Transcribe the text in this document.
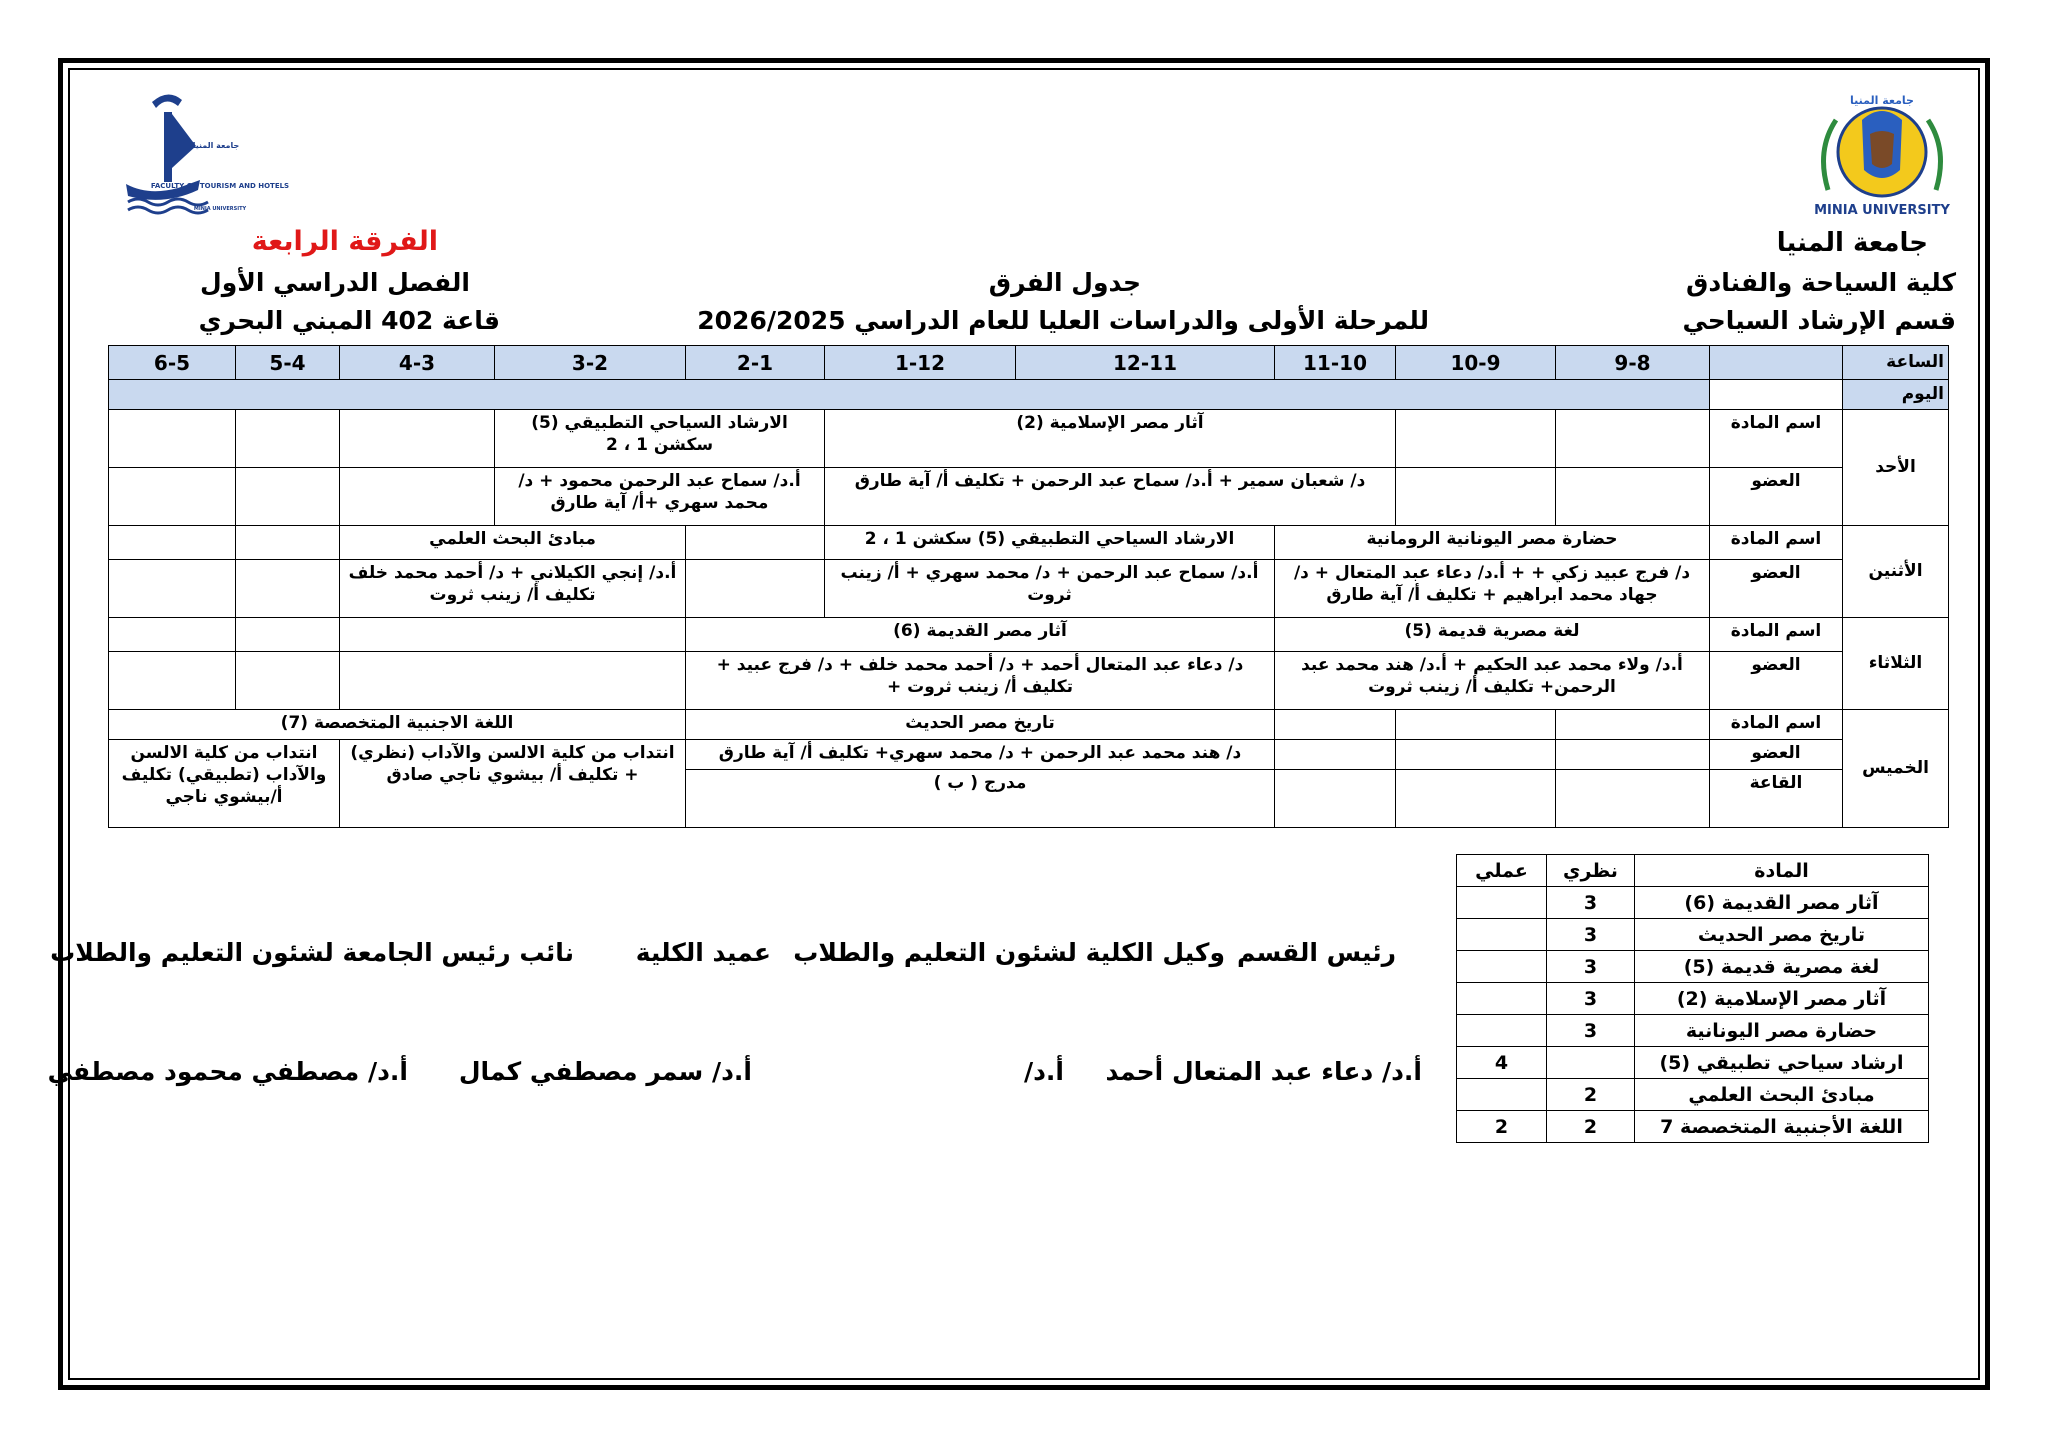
جامعة المنيا
FACULTY OF TOURISM AND HOTELS
MINIA UNIVERSITY
جامعة المنيا
MINIA UNIVERSITY
جامعة المنيا
كلية السياحة والفنادق
قسم الإرشاد السياحي
جدول الفرق
للمرحلة الأولى والدراسات العليا للعام الدراسي 2026/2025
الفرقة الرابعة
الفصل الدراسي الأول
قاعة 402 المبني البحري
الساعة		9-8	10-9	11-10	12-11	1-12	2-1	3-2	4-3	5-4	6-5
اليوم											
الأحد	اسم المادة			آثار مصر الإسلامية (2)			الارشاد السياحي التطبيقي (5) سكشن 1 ، 2				
	العضو			د/ شعبان سمير + أ.د/ سماح عبد الرحمن + تكليف أ/ آية طارق			أ.د/ سماح عبد الرحمن محمود + د/ محمد سهري +أ/ آية طارق				
الأثنين	اسم المادة	حضارة مصر اليونانية الرومانية			الارشاد السياحي التطبيقي (5) سكشن 1 ، 2			مبادئ البحث العلمي			
	العضو	د/ فرج عبيد زكي + + أ.د/ دعاء عبد المتعال + د/ جهاد محمد ابراهيم + تكليف أ/ آية طارق			أ.د/ سماح عبد الرحمن + د/ محمد سهري + أ/ زينب ثروت			أ.د/ إنجي الكيلاني + د/ أحمد محمد خلف تكليف أ/ زينب ثروت			
الثلاثاء	اسم المادة	لغة مصرية قديمة (5)			آثار مصر القديمة (6)						
	العضو	أ.د/ ولاء محمد عبد الحكيم + أ.د/ هند محمد عبد الرحمن+ تكليف أ/ زينب ثروت			د/ دعاء عبد المتعال أحمد + د/ أحمد محمد خلف + د/ فرج عبيد + تكليف أ/ زينب ثروت +						
الخميس	اسم المادة				تاريخ مصر الحديث			اللغة الاجنبية المتخصصة (7)			
	العضو				د/ هند محمد عبد الرحمن + د/ محمد سهري+ تكليف أ/ آية طارق			انتداب من كلية الالسن والآداب (نظري) + تكليف أ/ بيشوي ناجي صادق		انتداب من كلية الالسن والآداب (تطبيقي) تكليف أ/بيشوي ناجي	
	القاعة				مدرج ( ب )						
المادة	نظري	عملي
آثار مصر القديمة (6)	3	
تاريخ مصر الحديث	3	
لغة مصرية قديمة (5)	3	
آثار مصر الإسلامية (2)	3	
حضارة مصر اليونانية	3	
ارشاد سياحي تطبيقي (5)		4
مبادئ البحث العلمي	2	
اللغة الأجنبية المتخصصة 7	2	2
رئيس القسم
وكيل الكلية لشئون التعليم والطلاب
عميد الكلية
نائب رئيس الجامعة لشئون التعليم والطلاب
أ.د/ دعاء عبد المتعال أحمد
أ.د/
أ.د/ سمر مصطفي كمال
أ.د/ مصطفي محمود مصطفي
